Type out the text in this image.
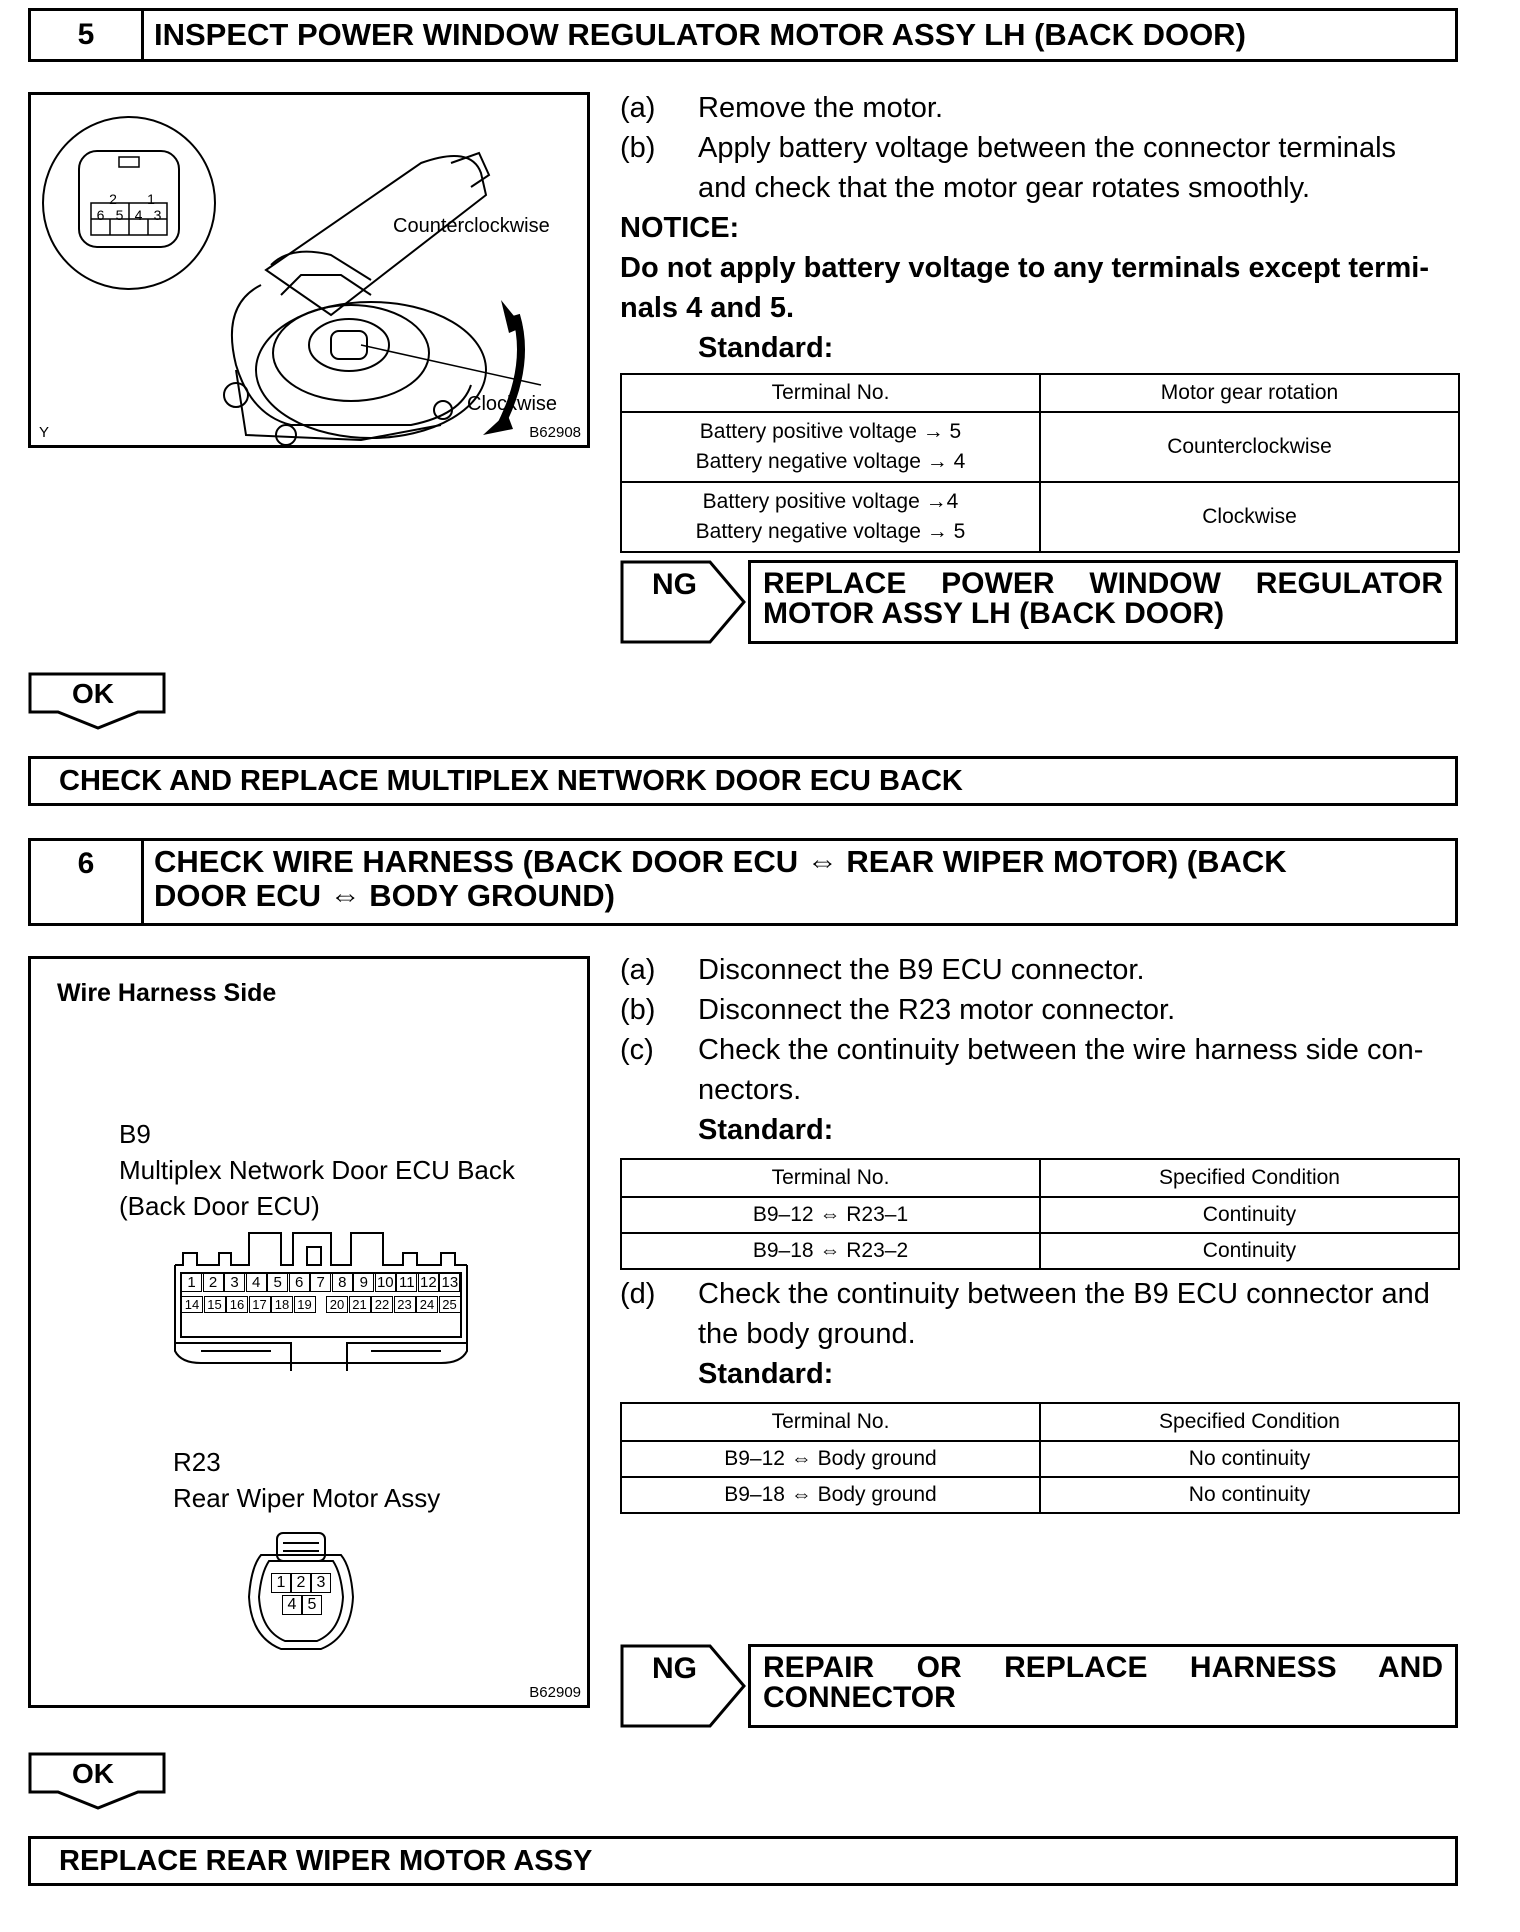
5	INSPECT POWER WINDOW REGULATOR MOTOR ASSY LH (BACK DOOR)
2	1
6 5 4 3	Counterclockwise
Clockwise
Y	B62908
(a)	Remove the motor.
(b)	Apply battery voltage between the connector terminals
and check that the motor gear rotates smoothly.
NOTICE:
Do not apply battery voltage to any terminals except termi-
nals 4 and 5.
Standard:
Terminal No.	Motor gear rotation

Battery positive voltage → 5
Battery negative voltage → 4	Counterclockwise

Battery positive voltage →4
Battery negative voltage → 5	Clockwise
NG REPLACE POWER WINDOW REGULATOR
MOTOR ASSY LH (BACK DOOR)
OK
CHECK AND REPLACE MULTIPLEX NETWORK DOOR ECU BACK
6	CHECK WIRE HARNESS (BACK DOOR ECU ⇔ REAR WIPER MOTOR) (BACK
DOOR ECU ⇔ BODY GROUND)
Wire Harness Side
B9
Multiplex Network Door ECU Back
(Back Door ECU)
1 2 3 4 5 6 7 8 9 10 11 12 13
14 15 16 17 18 19 20 21 22 23 24 25
R23
Rear Wiper Motor Assy
1 2 3
4 5
B62909
(a)	Disconnect the B9 ECU connector.
(b)	Disconnect the R23 motor connector.
(c)	Check the continuity between the wire harness side con-
nectors.
Standard:
Terminal No.	Specified Condition
B9–12 ⇔ R23–1	Continuity
B9–18 ⇔ R23–2	Continuity
(d)	Check the continuity between the B9 ECU connector and
the body ground.
Standard:
Terminal No.	Specified Condition
B9–12 ⇔ Body ground	No continuity
B9–18 ⇔ Body ground	No continuity
NG REPAIR OR REPLACE HARNESS AND
CONNECTOR
OK
REPLACE REAR WIPER MOTOR ASSY
